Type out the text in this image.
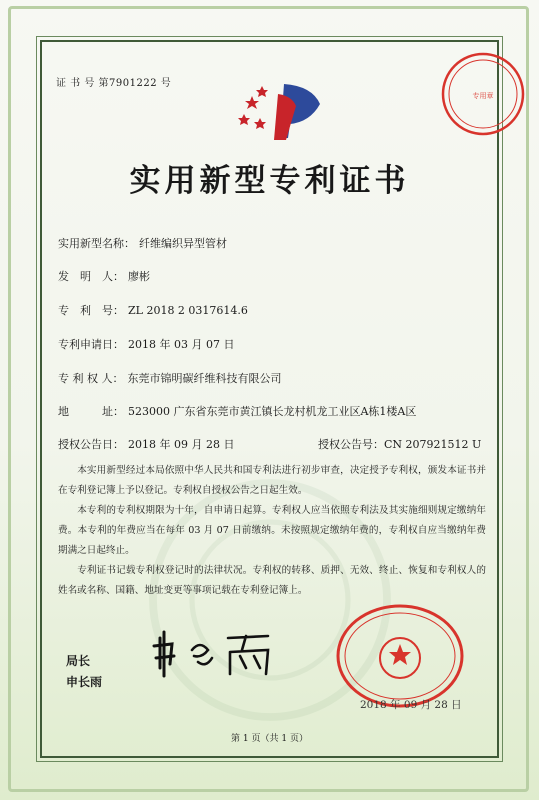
证 书 号 第7901222 号
专用章
实用新型专利证书
实用新型名称： 纤维编织异型管材
发　明　人： 廖彬
专　利　号： ZL 2018 2 0317614.6
专利申请日： 2018 年 03 月 07 日
专 利 权 人： 东莞市锦明碳纤维科技有限公司
地　　　址： 523000 广东省东莞市黄江镇长龙村机龙工业区A栋1楼A区
授权公告日： 2018 年 09 月 28 日	授权公告号：CN 207921512 U

本实用新型经过本局依照中华人民共和国专利法进行初步审查，决定授予专利权，颁发本证书并在专利登记簿上予以登记。专利权自授权公告之日起生效。

本专利的专利权期限为十年，自申请日起算。专利权人应当依照专利法及其实施细则规定缴纳年费。本专利的年费应当在每年 03 月 07 日前缴纳。未按照规定缴纳年费的，专利权自应当缴纳年费期满之日起终止。

专利证书记载专利权登记时的法律状况。专利权的转移、质押、无效、终止、恢复和专利权人的姓名或名称、国籍、地址变更等事项记载在专利登记簿上。

局长
申长雨
2018 年 09 月 28 日
第 1 页（共 1 页）
